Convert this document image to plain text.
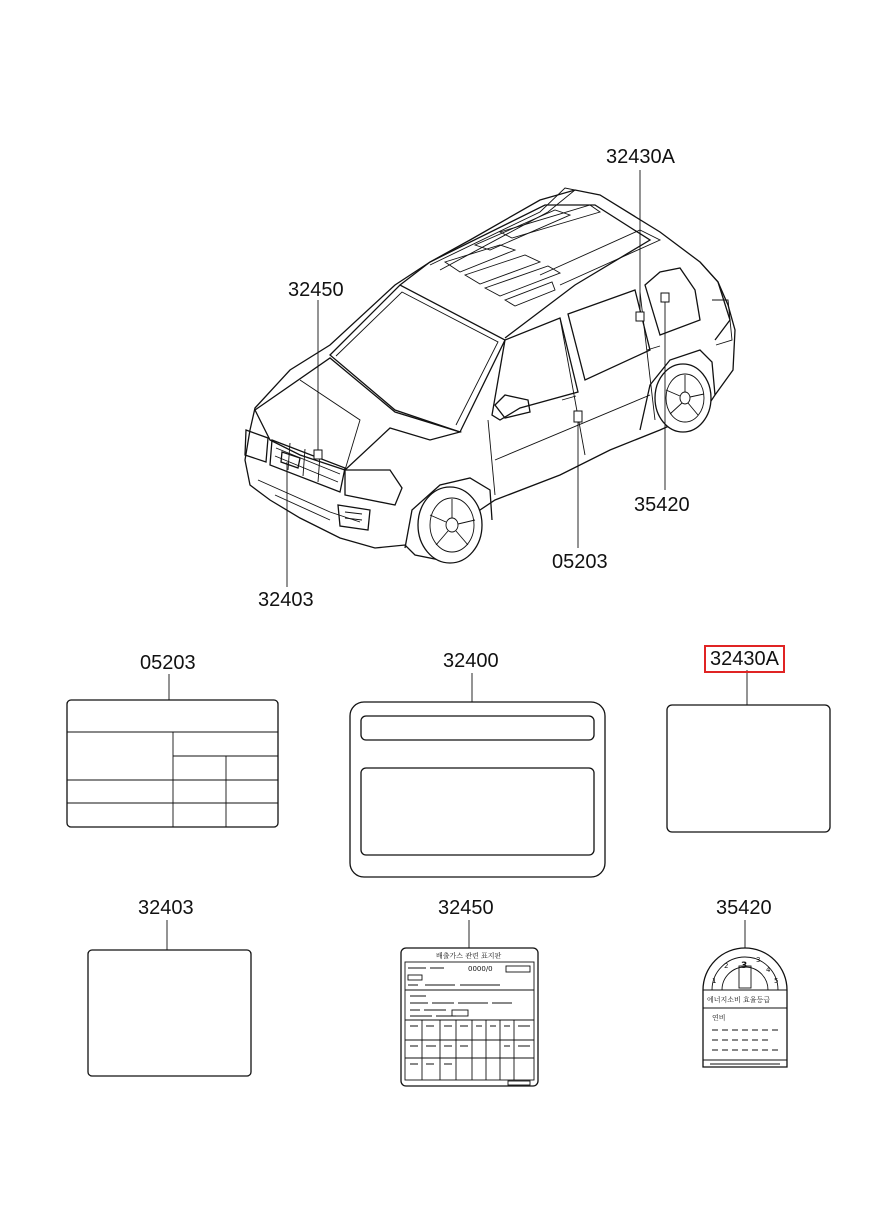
배출가스 관련 표지판
0000/0	3
에너지소비 효율등급
연비
1
2
3
4
5
32430A
32450
35420
05203
32403
05203	32400	32430A
32403	32450	35420
